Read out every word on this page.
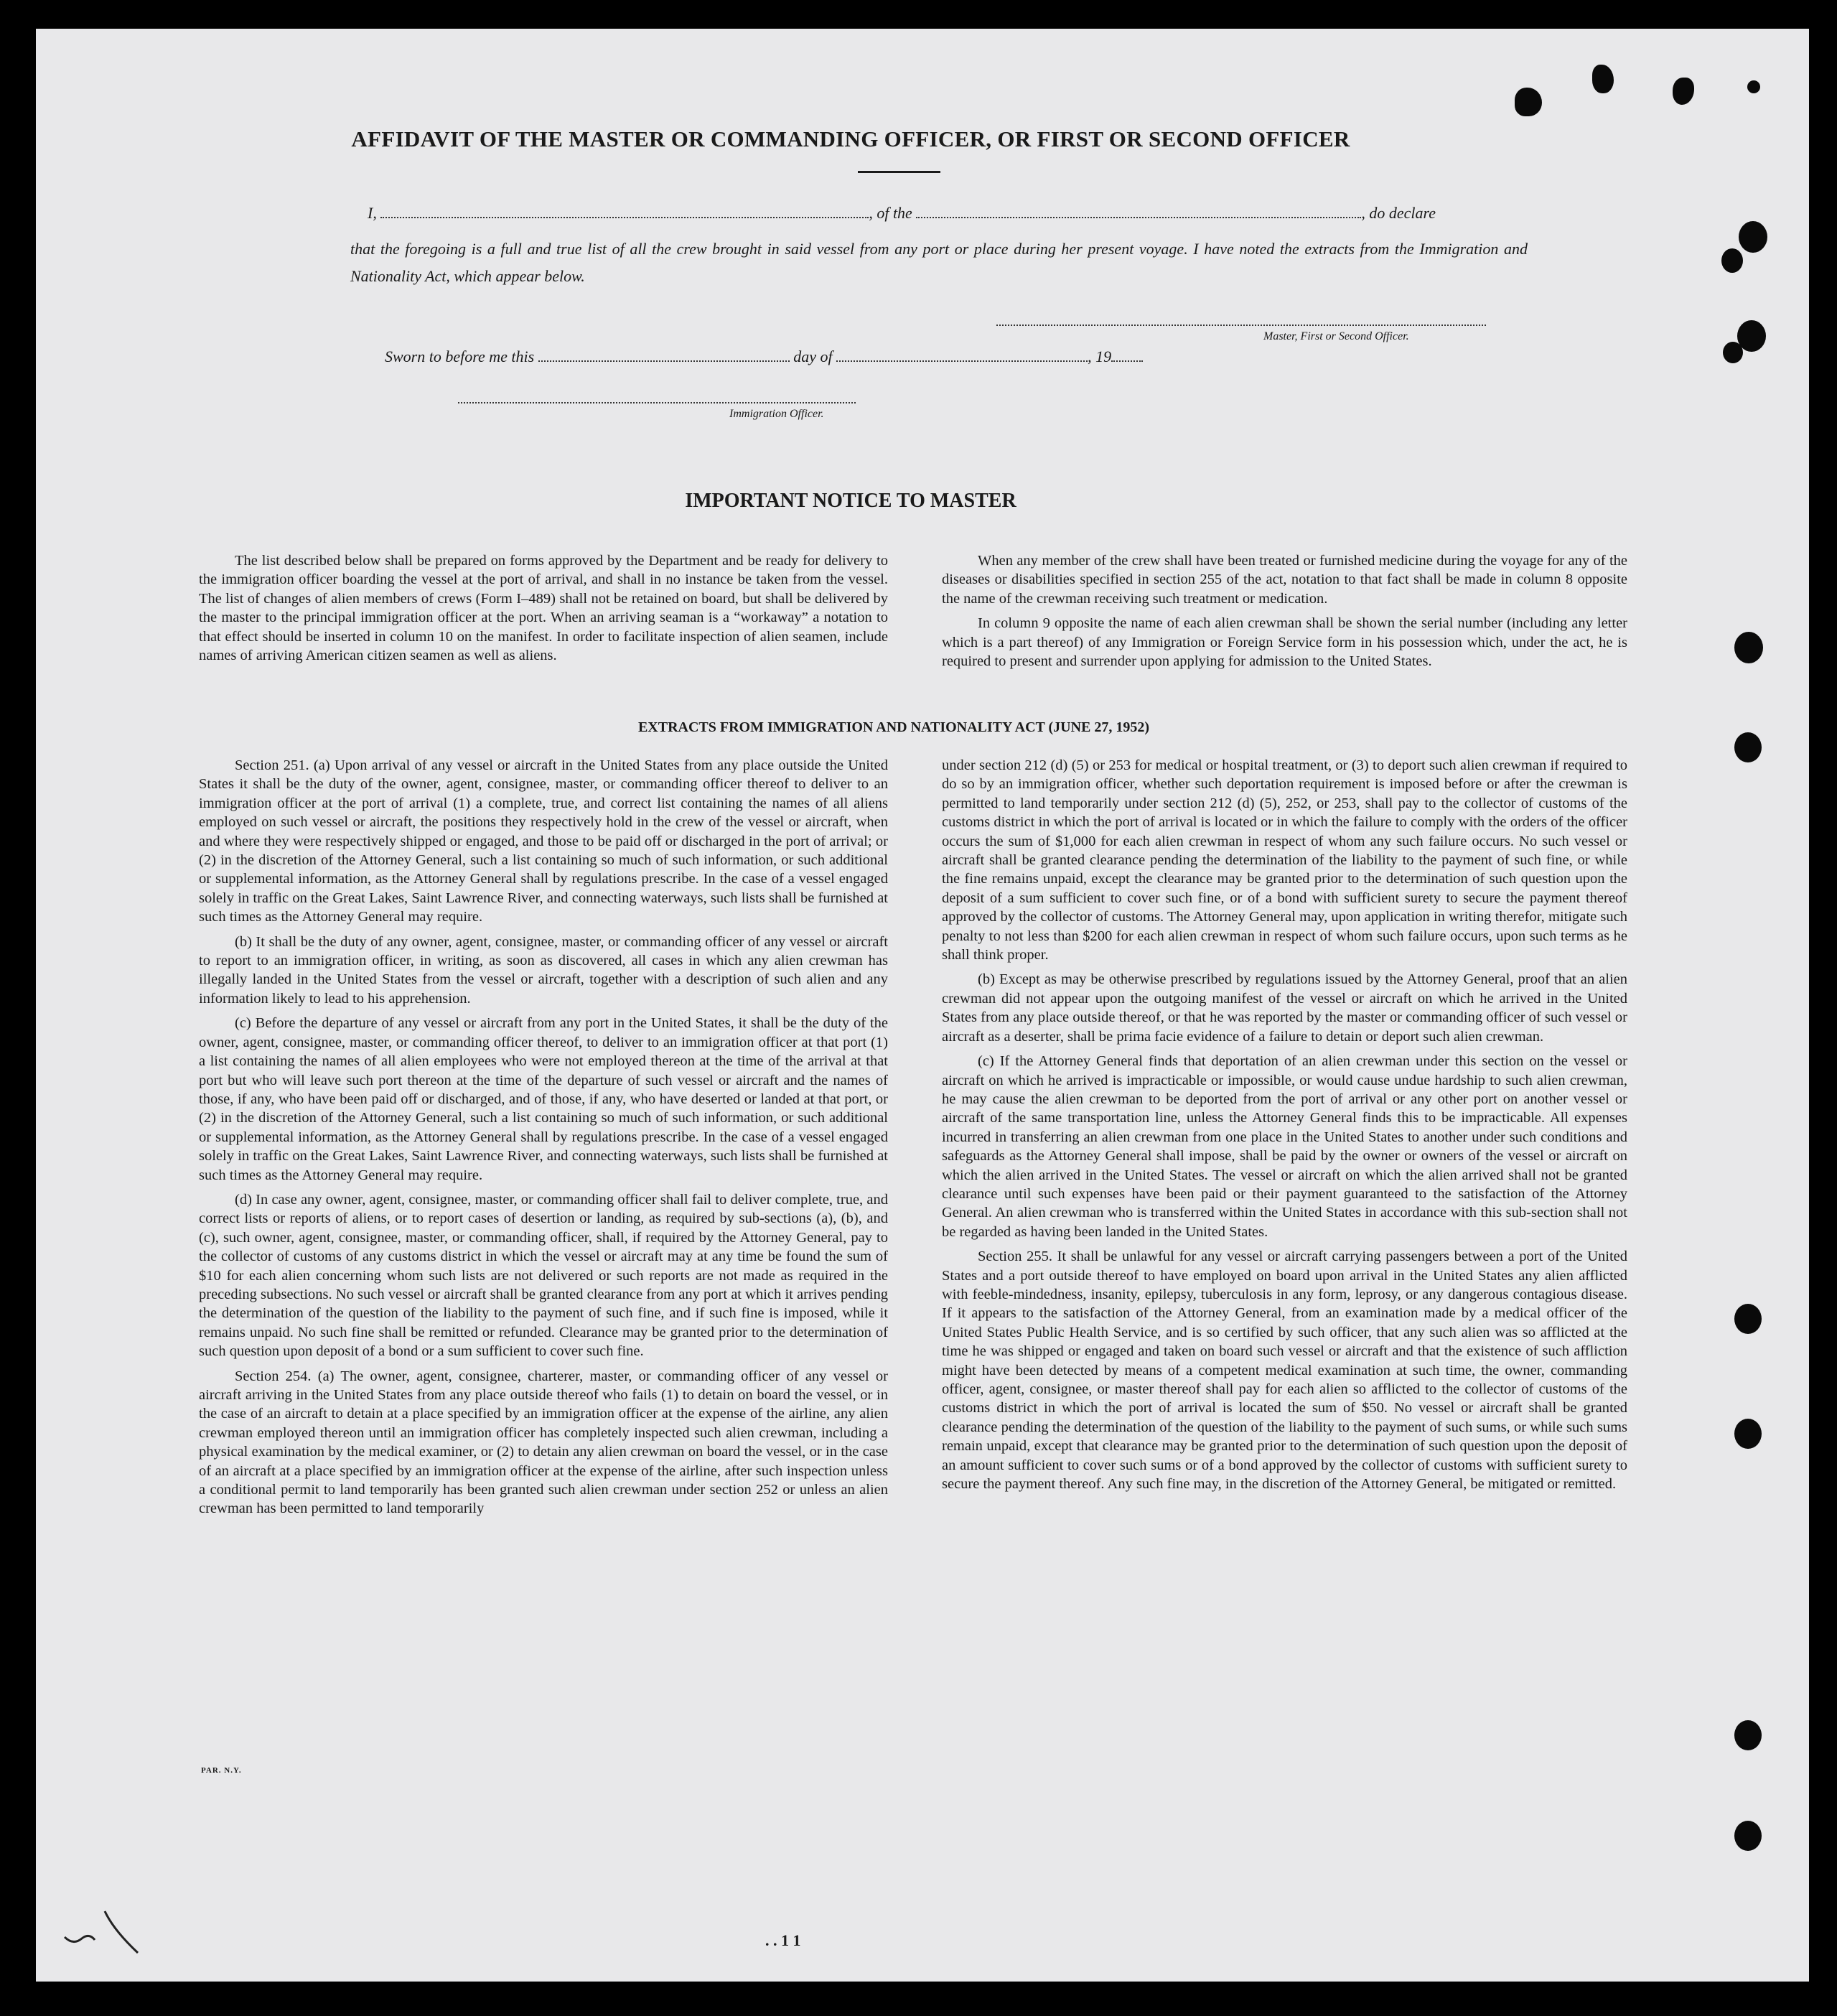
. . 1 1
AFFIDAVIT OF THE MASTER OR COMMANDING OFFICER, OR FIRST OR SECOND OFFICER
I,	, of the	, do declare
that the foregoing is a full and true list of all the crew brought in said vessel from any port or place during her present voyage. I have noted the extracts from the Immigration and Nationality Act, which appear below.
Master, First or Second Officer.
Sworn to before me this	day of	, 19
Immigration Officer.
IMPORTANT NOTICE TO MASTER

The list described below shall be prepared on forms approved by the Department and be ready for delivery to the immigration officer boarding the vessel at the port of arrival, and shall in no instance be taken from the vessel. The list of changes of alien members of crews (Form I–489) shall not be retained on board, but shall be delivered by the master to the principal immigration officer at the port. When an arriving seaman is a “workaway” a notation to that effect should be inserted in column 10 on the manifest. In order to facilitate inspection of alien seamen, include names of arriving American citizen seamen as well as aliens.

When any member of the crew shall have been treated or furnished medicine during the voyage for any of the diseases or disabilities specified in section 255 of the act, notation to that fact shall be made in column 8 opposite the name of the crewman receiving such treatment or medication.

In column 9 opposite the name of each alien crewman shall be shown the serial number (including any letter which is a part thereof) of any Immigration or Foreign Service form in his possession which, under the act, he is required to present and surrender upon applying for admission to the United States.

EXTRACTS FROM IMMIGRATION AND NATIONALITY ACT (JUNE 27, 1952)

Section 251. (a) Upon arrival of any vessel or aircraft in the United States from any place outside the United States it shall be the duty of the owner, agent, consignee, master, or commanding officer thereof to deliver to an immigration officer at the port of arrival (1) a complete, true, and correct list containing the names of all aliens employed on such vessel or aircraft, the positions they respectively hold in the crew of the vessel or aircraft, when and where they were respectively shipped or engaged, and those to be paid off or discharged in the port of arrival; or (2) in the discretion of the Attorney General, such a list containing so much of such information, or such additional or supplemental information, as the Attorney General shall by regulations prescribe. In the case of a vessel engaged solely in traffic on the Great Lakes, Saint Lawrence River, and connecting waterways, such lists shall be furnished at such times as the Attorney General may require.

(b) It shall be the duty of any owner, agent, consignee, master, or commanding officer of any vessel or aircraft to report to an immigration officer, in writing, as soon as discovered, all cases in which any alien crewman has illegally landed in the United States from the vessel or aircraft, together with a description of such alien and any information likely to lead to his apprehension.

(c) Before the departure of any vessel or aircraft from any port in the United States, it shall be the duty of the owner, agent, consignee, master, or commanding officer thereof, to deliver to an immigration officer at that port (1) a list containing the names of all alien employees who were not employed thereon at the time of the arrival at that port but who will leave such port thereon at the time of the departure of such vessel or aircraft and the names of those, if any, who have been paid off or discharged, and of those, if any, who have deserted or landed at that port, or (2) in the discretion of the Attorney General, such a list containing so much of such information, or such additional or supplemental information, as the Attorney General shall by regulations prescribe. In the case of a vessel engaged solely in traffic on the Great Lakes, Saint Lawrence River, and connecting waterways, such lists shall be furnished at such times as the Attorney General may require.

(d) In case any owner, agent, consignee, master, or commanding officer shall fail to deliver complete, true, and correct lists or reports of aliens, or to report cases of desertion or landing, as required by sub-sections (a), (b), and (c), such owner, agent, consignee, master, or commanding officer, shall, if required by the Attorney General, pay to the collector of customs of any customs district in which the vessel or aircraft may at any time be found the sum of $10 for each alien concerning whom such lists are not delivered or such reports are not made as required in the preceding subsections. No such vessel or aircraft shall be granted clearance from any port at which it arrives pending the determination of the question of the liability to the payment of such fine, and if such fine is imposed, while it remains unpaid. No such fine shall be remitted or refunded. Clearance may be granted prior to the determination of such question upon deposit of a bond or a sum sufficient to cover such fine.

Section 254. (a) The owner, agent, consignee, charterer, master, or commanding officer of any vessel or aircraft arriving in the United States from any place outside thereof who fails (1) to detain on board the vessel, or in the case of an aircraft to detain at a place specified by an immigration officer at the expense of the airline, any alien crewman employed thereon until an immigration officer has completely inspected such alien crewman, including a physical examination by the medical examiner, or (2) to detain any alien crewman on board the vessel, or in the case of an aircraft at a place specified by an immigration officer at the expense of the airline, after such inspection unless a conditional permit to land temporarily has been granted such alien crewman under section 252 or unless an alien crewman has been permitted to land temporarily

under section 212 (d) (5) or 253 for medical or hospital treatment, or (3) to deport such alien crewman if required to do so by an immigration officer, whether such deportation requirement is imposed before or after the crewman is permitted to land temporarily under section 212 (d) (5), 252, or 253, shall pay to the collector of customs of the customs district in which the port of arrival is located or in which the failure to comply with the orders of the officer occurs the sum of $1,000 for each alien crewman in respect of whom any such failure occurs. No such vessel or aircraft shall be granted clearance pending the determination of the liability to the payment of such fine, or while the fine remains unpaid, except the clearance may be granted prior to the determination of such question upon the deposit of a sum sufficient to cover such fine, or of a bond with sufficient surety to secure the payment thereof approved by the collector of customs. The Attorney General may, upon application in writing therefor, mitigate such penalty to not less than $200 for each alien crewman in respect of whom such failure occurs, upon such terms as he shall think proper.

(b) Except as may be otherwise prescribed by regulations issued by the Attorney General, proof that an alien crewman did not appear upon the outgoing manifest of the vessel or aircraft on which he arrived in the United States from any place outside thereof, or that he was reported by the master or commanding officer of such vessel or aircraft as a deserter, shall be prima facie evidence of a failure to detain or deport such alien crewman.

(c) If the Attorney General finds that deportation of an alien crewman under this section on the vessel or aircraft on which he arrived is impracticable or impossible, or would cause undue hardship to such alien crewman, he may cause the alien crewman to be deported from the port of arrival or any other port on another vessel or aircraft of the same transportation line, unless the Attorney General finds this to be impracticable. All expenses incurred in transferring an alien crewman from one place in the United States to another under such conditions and safeguards as the Attorney General shall impose, shall be paid by the owner or owners of the vessel or aircraft on which the alien arrived in the United States. The vessel or aircraft on which the alien arrived shall not be granted clearance until such expenses have been paid or their payment guaranteed to the satisfaction of the Attorney General. An alien crewman who is transferred within the United States in accordance with this sub-section shall not be regarded as having been landed in the United States.

Section 255. It shall be unlawful for any vessel or aircraft carrying passengers between a port of the United States and a port outside thereof to have employed on board upon arrival in the United States any alien afflicted with feeble-mindedness, insanity, epilepsy, tuberculosis in any form, leprosy, or any dangerous contagious disease. If it appears to the satisfaction of the Attorney General, from an examination made by a medical officer of the United States Public Health Service, and is so certified by such officer, that any such alien was so afflicted at the time he was shipped or engaged and taken on board such vessel or aircraft and that the existence of such affliction might have been detected by means of a competent medical examination at such time, the owner, commanding officer, agent, consignee, or master thereof shall pay for each alien so afflicted to the collector of customs of the customs district in which the port of arrival is located the sum of $50. No vessel or aircraft shall be granted clearance pending the determination of the question of the liability to the payment of such sums, or while such sums remain unpaid, except that clearance may be granted prior to the determination of such question upon the deposit of an amount sufficient to cover such sums or of a bond approved by the collector of customs with sufficient surety to secure the payment thereof. Any such fine may, in the discretion of the Attorney General, be mitigated or remitted.

PAR. N.Y.
